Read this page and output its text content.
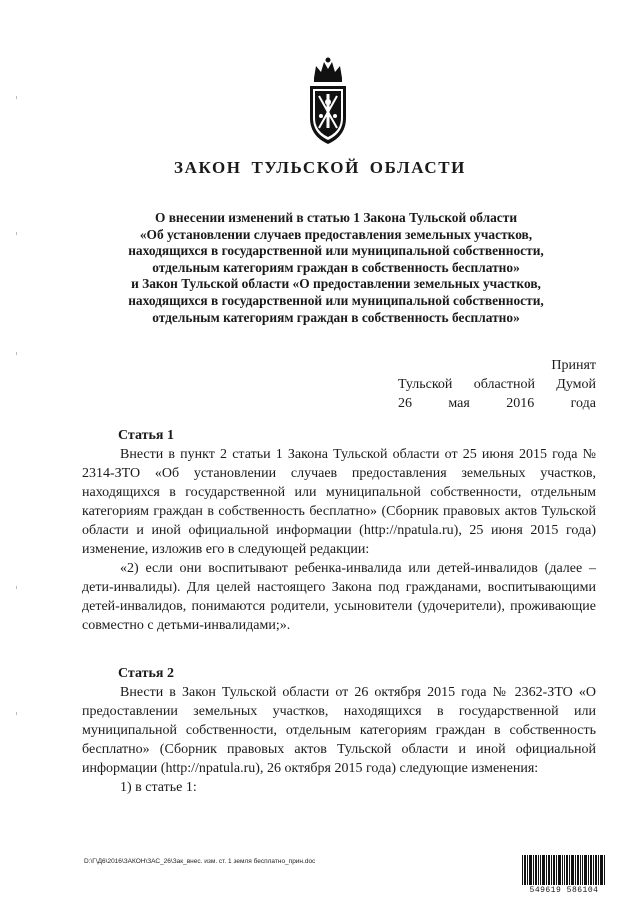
ЗАКОН ТУЛЬСКОЙ ОБЛАСТИ
О внесении изменений в статью 1 Закона Тульской области
«Об установлении случаев предоставления земельных участков,
находящихся в государственной или муниципальной собственности,
отдельным категориям граждан в собственность бесплатно»
и Закон Тульской области «О предоставлении земельных участков,
находящихся в государственной или муниципальной собственности,
отдельным категориям граждан в собственность бесплатно»
Принят
Тульской областной Думой
26	мая	2016	года
Статья 1

Внести в пункт 2 статьи 1 Закона Тульской области от 25 июня 2015 года № 2314-ЗТО «Об установлении случаев предоставления земельных участков, находящихся в государственной или муниципальной собственности, отдельным категориям граждан в собственность бесплатно» (Сборник правовых актов Тульской области и иной официальной информации (http://npatula.ru), 25 июня 2015 года) изменение, изложив его в следующей редакции:

«2) если они воспитывают ребенка-инвалида или детей-инвалидов (далее – дети-инвалиды). Для целей настоящего Закона под гражданами, воспитывающими детей-инвалидов, понимаются родители, усыновители (удочерители), проживающие совместно с детьми-инвалидами;».

Статья 2

Внести в Закон Тульской области от 26 октября 2015 года № 2362-ЗТО «О предоставлении земельных участков, находящихся в государственной или муниципальной собственности, отдельным категориям граждан в собственность бесплатно» (Сборник правовых актов Тульской области и иной официальной информации (http://npatula.ru), 26 октября 2015 года) следующие изменения:

1) в статье 1:

D:\Г\Д6\2016\ЗАКОН\ЗАС_26\Зак_внес. изм. ст. 1 земля бесплатно_прин.doc
549619 586104
